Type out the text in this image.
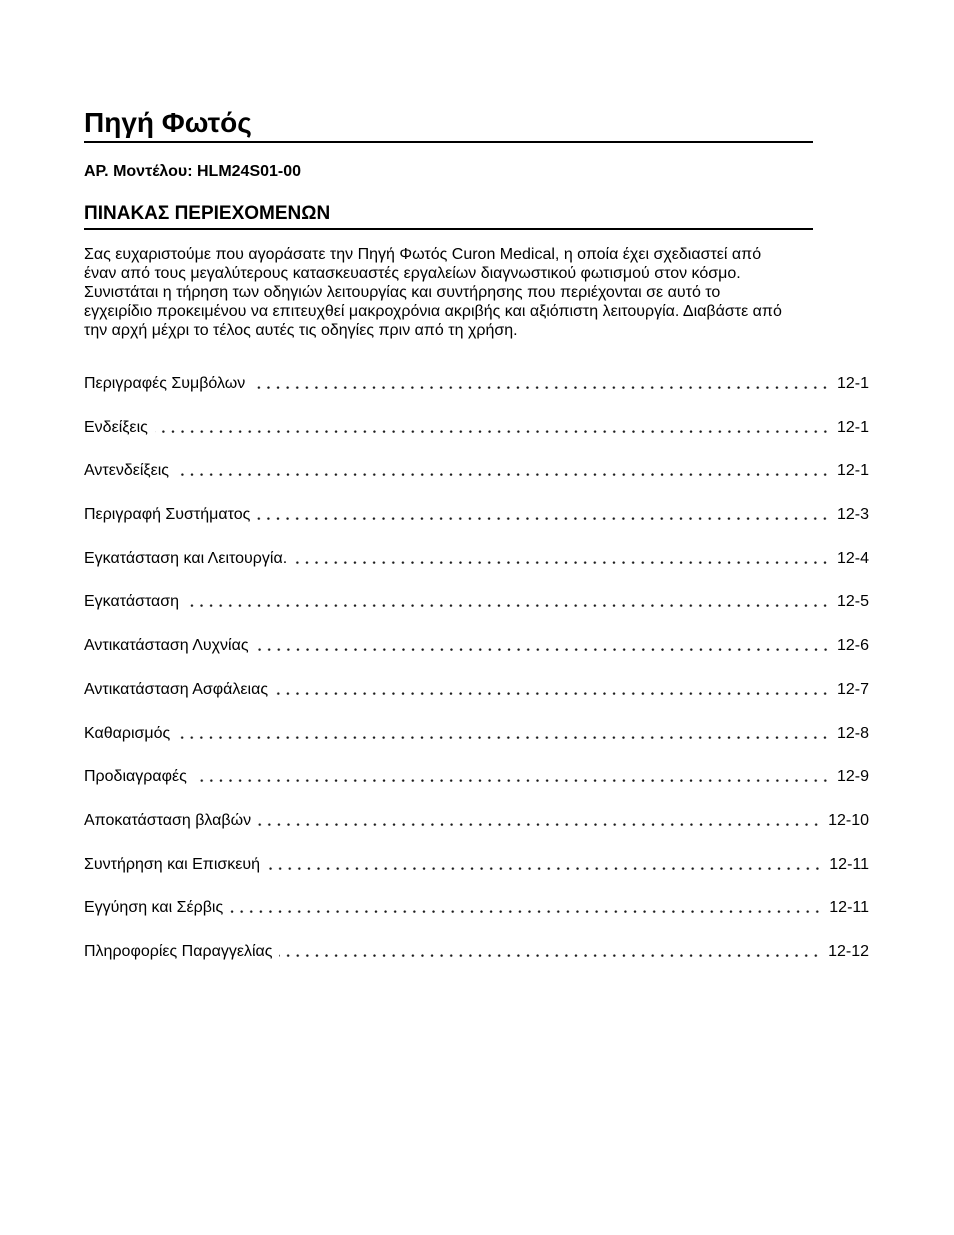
Πηγή Φωτός
ΑΡ. Μοντέλου: HLM24S01-00
ΠΙΝΑΚΑΣ ΠΕΡΙΕΧΟΜΕΝΩΝ
Σας ευχαριστούμε που αγοράσατε την Πηγή Φωτός Curon Medical, η οποία έχει σχεδιαστεί από
έναν από τους μεγαλύτερους κατασκευαστές εργαλείων διαγνωστικού φωτισμού στον κόσμο.
Συνιστάται η τήρηση των οδηγιών λειτουργίας και συντήρησης που περιέχονται σε αυτό το
εγχειρίδιο προκειμένου να επιτευχθεί μακροχρόνια ακριβής και αξιόπιστη λειτουργία. Διαβάστε από
την αρχή μέχρι το τέλος αυτές τις οδηγίες πριν από τη χρήση.
Περιγραφές Συμβόλων	12-1
Ενδείξεις	12-1
Αντενδείξεις	12-1
Περιγραφή Συστήματος	12-3
Εγκατάσταση και Λειτουργία.	12-4
Εγκατάσταση	12-5
Αντικατάσταση Λυχνίας	12-6
Αντικατάσταση Ασφάλειας	12-7
Καθαρισμός	12-8
Προδιαγραφές	12-9
Αποκατάσταση βλαβών	12-10
Συντήρηση και Επισκευή	12-11
Εγγύηση και Σέρβις	12-11
Πληροφορίες Παραγγελίας	12-12
